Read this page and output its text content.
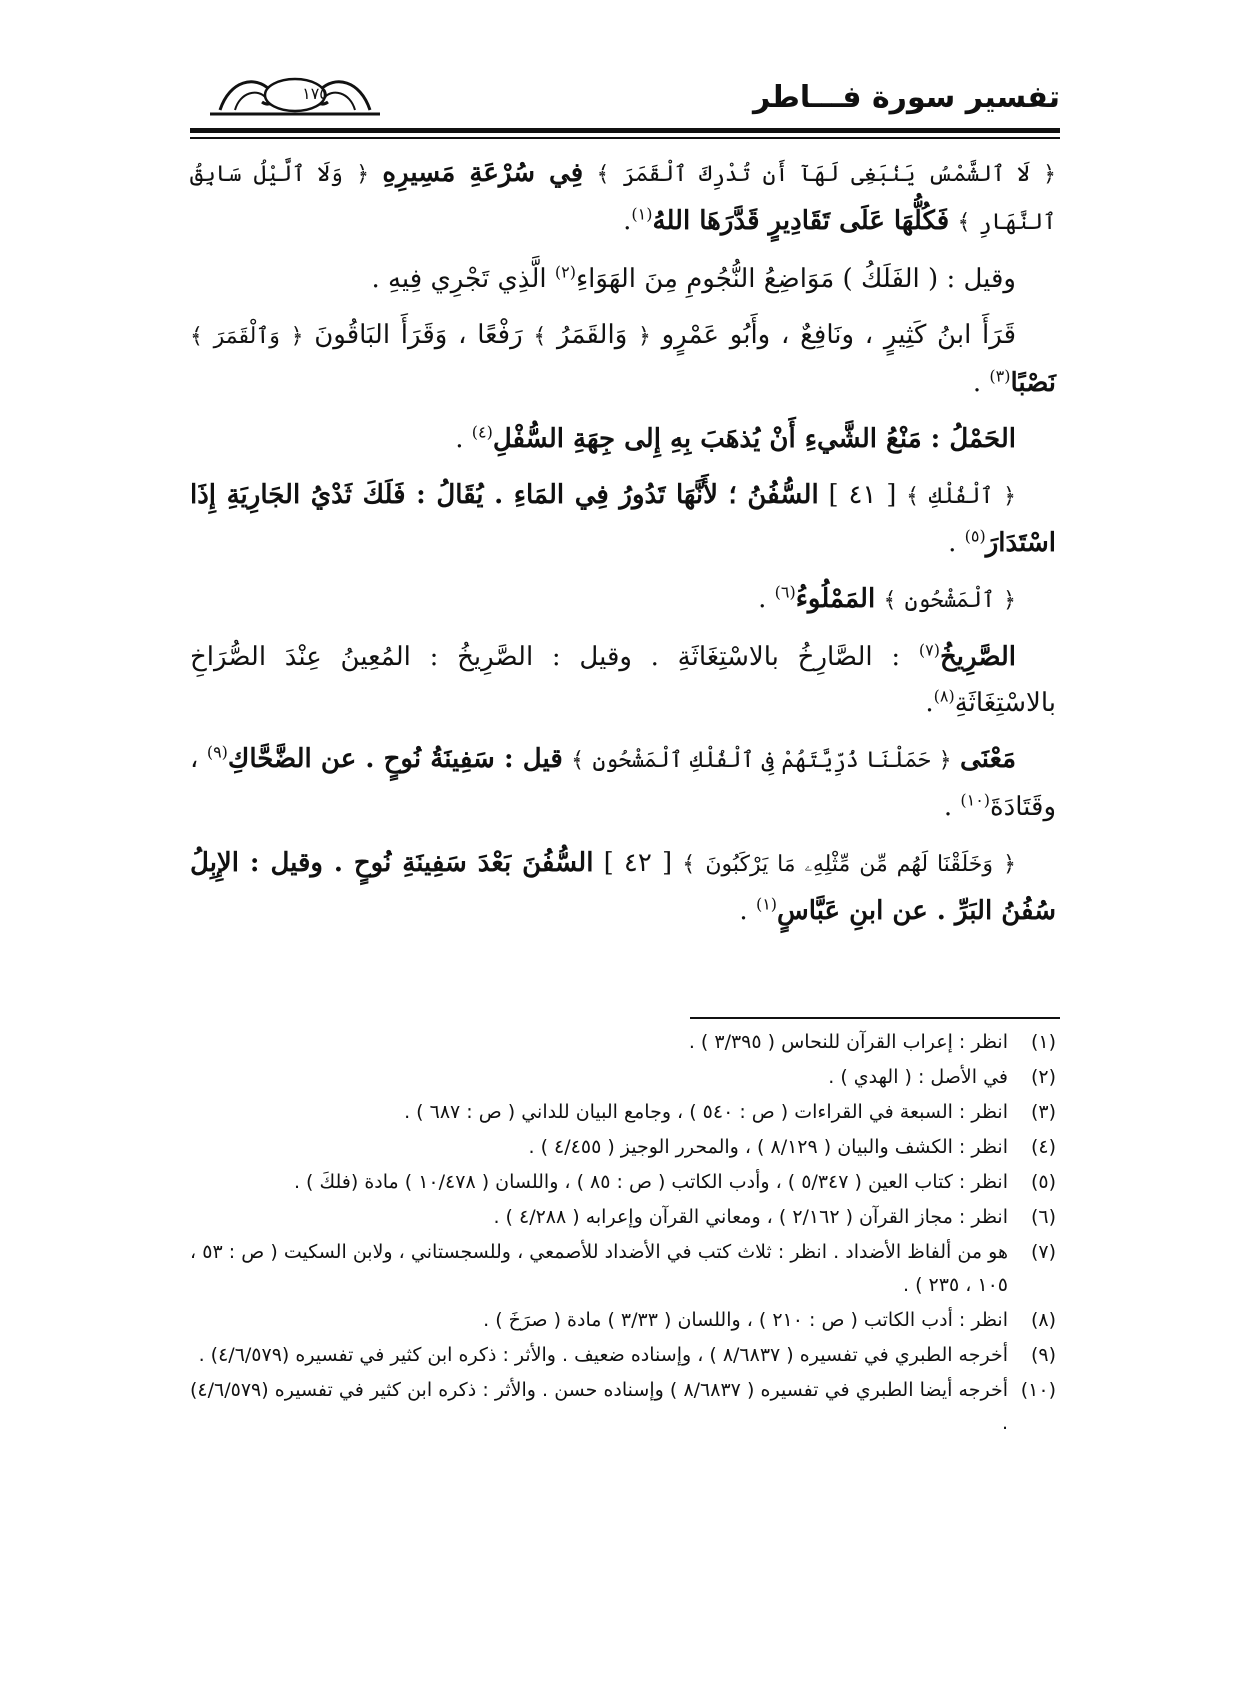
تفسير سورة فـــاطر
١٧٥

﴿ لَا ٱلشَّمْسُ يَنۢبَغِى لَهَآ أَن تُدْرِكَ ٱلْقَمَرَ ﴾ فِي سُرْعَةِ مَسِيرِهِ ﴿ وَلَا ٱلَّيْلُ سَابِقُ ٱلنَّهَارِ ﴾ فَكُلُّهَا عَلَى تَقَادِيرٍ قَدَّرَهَا اللهُ$^{(١)}$.

وقيل : ( الفَلَكُ ) مَوَاضِعُ النُّجُومِ مِنَ الهَوَاءِ$^{(٢)}$ الَّذِي تَجْرِي فِيهِ .

قَرَأَ ابنُ كَثِيرٍ ، ونَافِعٌ ، وأَبُو عَمْرٍو ﴿ وَالقَمَرُ ﴾ رَفْعًا ، وَقَرَأَ البَاقُونَ ﴿ وَٱلْقَمَرَ ﴾ نَصْبًا$^{(٣)}$ .

الحَمْلُ : مَنْعُ الشَّيءِ أَنْ يُذهَبَ بِهِ إِلى جِهَةِ السُّفْلِ$^{(٤)}$ .

﴿ ٱلْفُلْكِ ﴾ [ ٤١ ] السُّفُنُ ؛ لأَنَّهَا تَدُورُ فِي المَاءِ . يُقَالُ : فَلَكَ ثَدْيُ الجَارِيَةِ إِذَا اسْتَدَارَ$^{(٥)}$ .

﴿ ٱلْمَشْحُونِ ﴾ المَمْلُوءُ$^{(٦)}$ .

الصَّرِيخُ$^{(٧)}$ : الصَّارِخُ بالاسْتِغَاثَةِ . وقيل : الصَّرِيخُ : المُعِينُ عِنْدَ الصُّرَاخِ بالاسْتِغَاثَةِ$^{(٨)}$.

مَعْنَى ﴿ حَمَلْنَا ذُرِّيَّتَهُمْ فِى ٱلْفُلْكِ ٱلْمَشْحُونِ ﴾ قيل : سَفِينَةُ نُوحٍ . عن الضَّحَّاكِ$^{(٩)}$ ، وقَتَادَةَ$^{(١٠)}$ .

﴿ وَخَلَقْنَا لَهُم مِّن مِّثْلِهِۦ مَا يَرْكَبُونَ ﴾ [ ٤٢ ] السُّفُنَ بَعْدَ سَفِينَةِ نُوحٍ . وقيل : الإِبِلُ سُفُنُ البَرِّ . عن ابنِ عَبَّاسٍ$^{(١)}$ .

(١)
انظر : إعراب القرآن للنحاس ( ٣/٣٩٥ ) .
(٢)
في الأصل : ( الهدي ) .
(٣)
انظر : السبعة في القراءات ( ص : ٥٤٠ ) ، وجامع البيان للداني ( ص : ٦٨٧ ) .
(٤)
انظر : الكشف والبيان ( ٨/١٢٩ ) ، والمحرر الوجيز ( ٤/٤٥٥ ) .
(٥)
انظر : كتاب العين ( ٥/٣٤٧ ) ، وأدب الكاتب ( ص : ٨٥ ) ، واللسان ( ١٠/٤٧٨ ) مادة (فلكَ ) .
(٦)
انظر : مجاز القرآن ( ٢/١٦٢ ) ، ومعاني القرآن وإعرابه ( ٤/٢٨٨ ) .
(٧)
هو من ألفاظ الأضداد . انظر : ثلاث كتب في الأضداد للأصمعي ، وللسجستاني ، ولابن السكيت ( ص : ٥٣ ، ١٠٥ ، ٢٣٥ ) .
(٨)
انظر : أدب الكاتب ( ص : ٢١٠ ) ، واللسان ( ٣/٣٣ ) مادة ( صرَخَ ) .
(٩)
أخرجه الطبري في تفسيره ( ٨/٦٨٣٧ ) ، وإسناده ضعيف . والأثر : ذكره ابن كثير في تفسيره (٤/٦/٥٧٩) .
(١٠)
أخرجه أيضا الطبري في تفسيره ( ٨/٦٨٣٧ ) وإسناده حسن . والأثر : ذكره ابن كثير في تفسيره (٤/٦/٥٧٩) .
